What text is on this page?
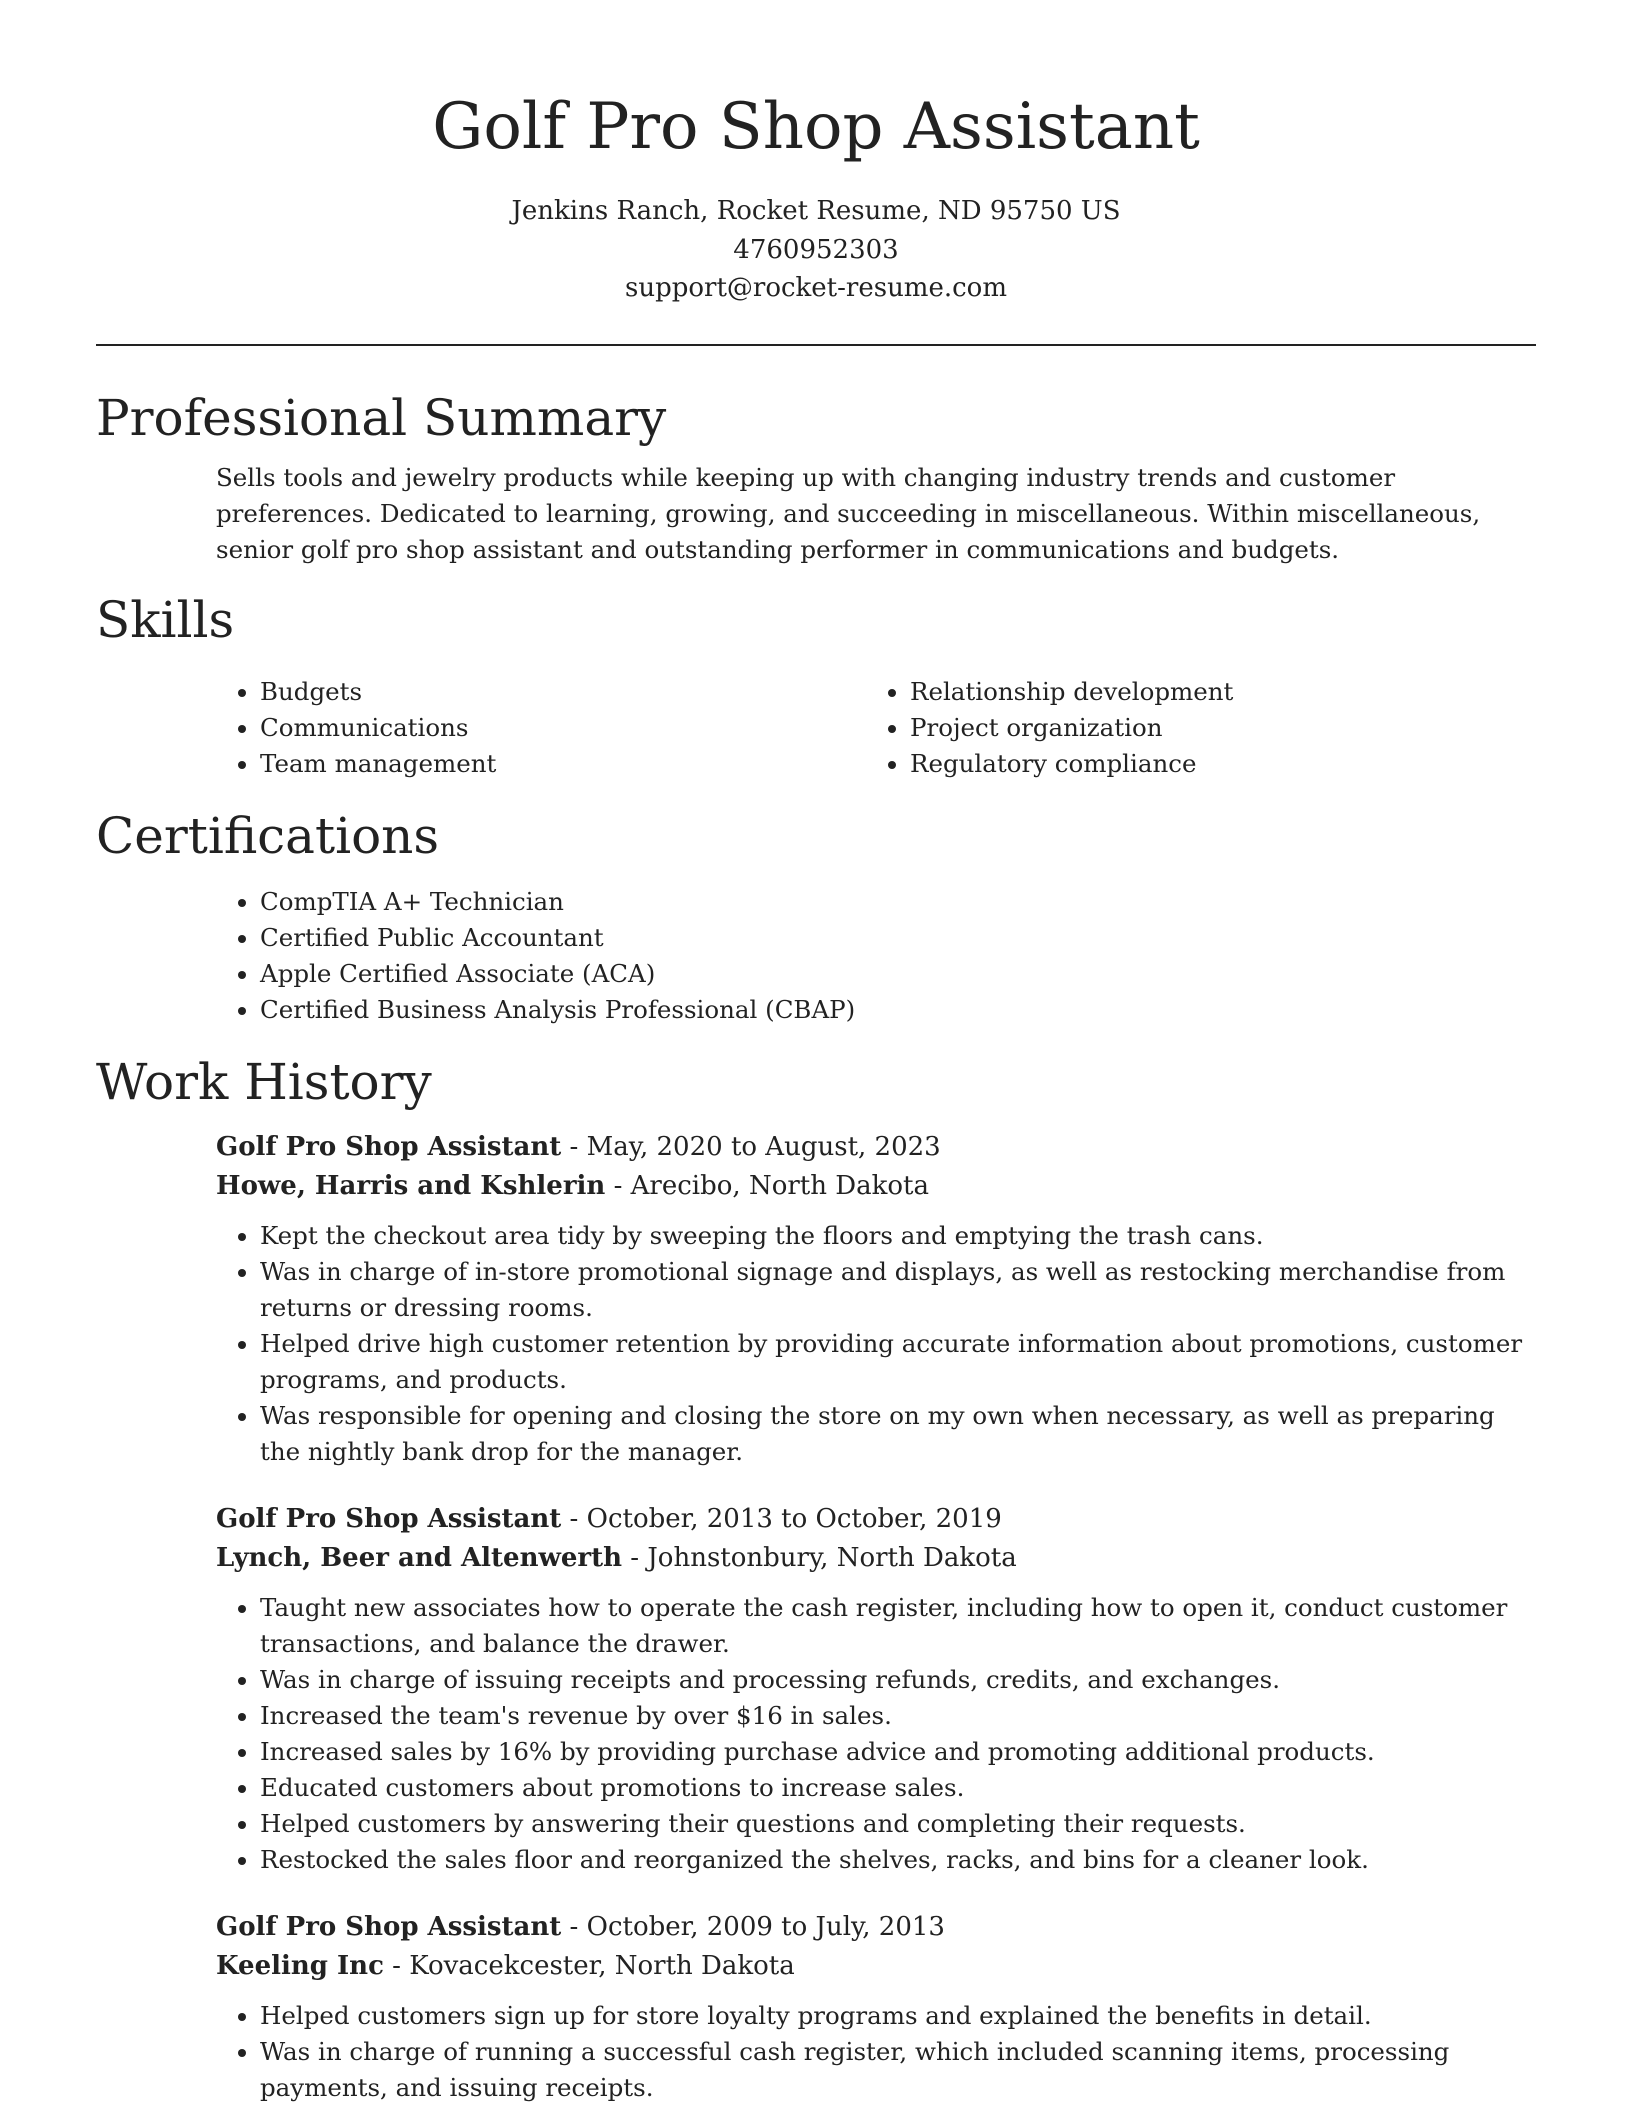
Golf Pro Shop Assistant

Jenkins Ranch, Rocket Resume, ND 95750 US

4760952303

support@rocket-resume.com

Professional Summary

Sells tools and jewelry products while keeping up with changing industry trends and customer preferences. Dedicated to learning, growing, and succeeding in miscellaneous. Within miscellaneous, senior golf pro shop assistant and outstanding performer in communications and budgets.

Skills
• Budgets
• Communications
• Team management
• Relationship development
• Project organization
• Regulatory compliance
Certifications
• CompTIA A+ Technician
• Certified Public Accountant
• Apple Certified Associate (ACA)
• Certified Business Analysis Professional (CBAP)
Work History

Golf Pro Shop Assistant - May, 2020 to August, 2023

Howe, Harris and Kshlerin - Arecibo, North Dakota

• Kept the checkout area tidy by sweeping the floors and emptying the trash cans.
• Was in charge of in-store promotional signage and displays, as well as restocking merchandise from returns or dressing rooms.
• Helped drive high customer retention by providing accurate information about promotions, customer programs, and products.
• Was responsible for opening and closing the store on my own when necessary, as well as preparing the nightly bank drop for the manager.

Golf Pro Shop Assistant - October, 2013 to October, 2019

Lynch, Beer and Altenwerth - Johnstonbury, North Dakota

• Taught new associates how to operate the cash register, including how to open it, conduct customer transactions, and balance the drawer.
• Was in charge of issuing receipts and processing refunds, credits, and exchanges.
• Increased the team's revenue by over $16 in sales.
• Increased sales by 16% by providing purchase advice and promoting additional products.
• Educated customers about promotions to increase sales.
• Helped customers by answering their questions and completing their requests.
• Restocked the sales floor and reorganized the shelves, racks, and bins for a cleaner look.

Golf Pro Shop Assistant - October, 2009 to July, 2013

Keeling Inc - Kovacekcester, North Dakota

• Helped customers sign up for store loyalty programs and explained the benefits in detail.
• Was in charge of running a successful cash register, which included scanning items, processing payments, and issuing receipts.
